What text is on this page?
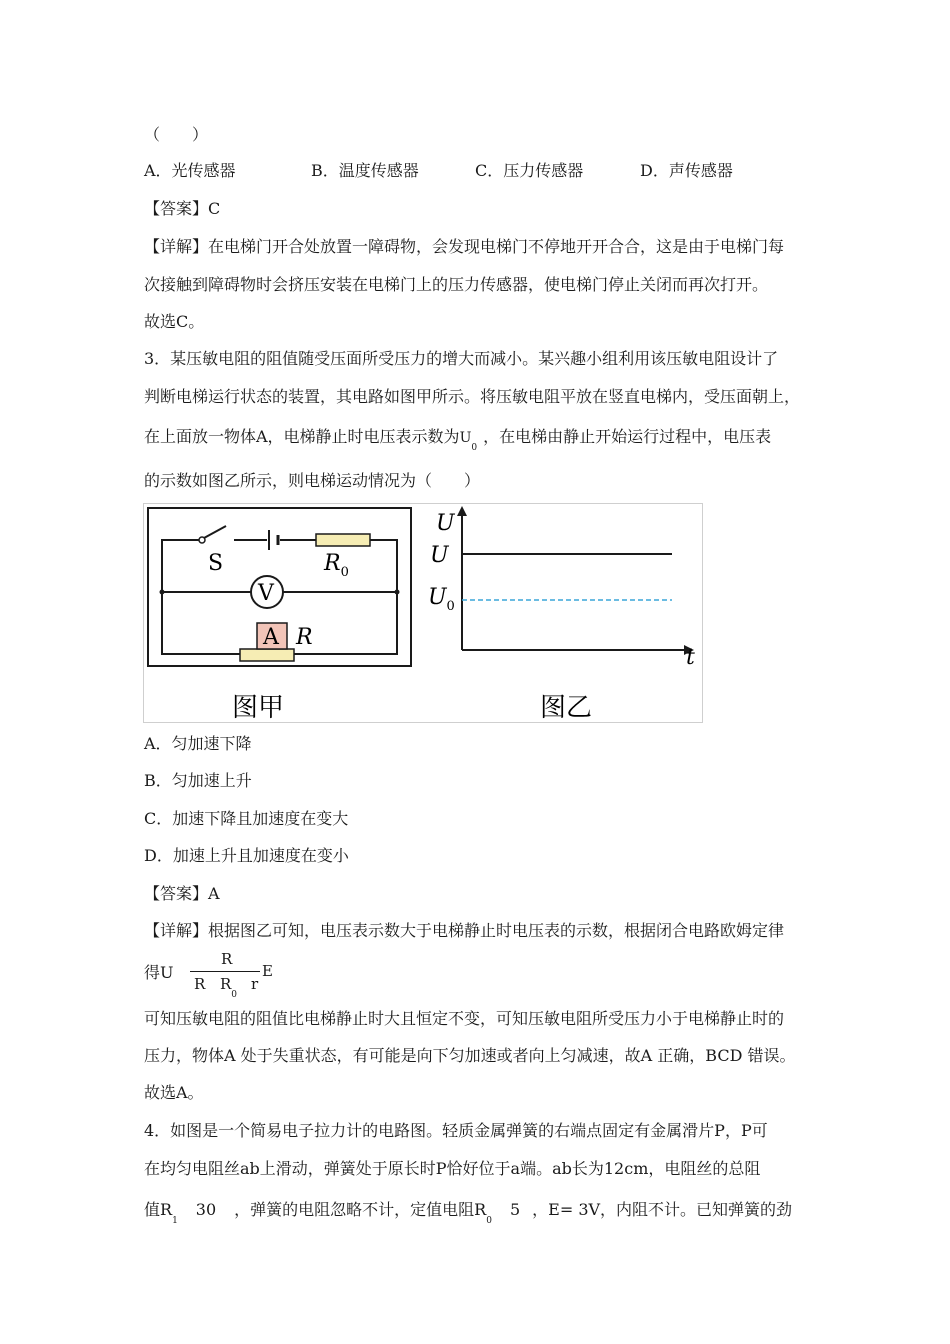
（　　）
A．光传感器	B．温度传感器	C．压力传感器	D．声传感器
【答案】C
【详解】在电梯门开合处放置一障碍物，会发现电梯门不停地开开合合，这是由于电梯门每
次接触到障碍物时会挤压安装在电梯门上的压力传感器，使电梯门停止关闭而再次打开。
故选C。
3．某压敏电阻的阻值随受压面所受压力的增大而减小。某兴趣小组利用该压敏电阻设计了
判断电梯运行状态的装置，其电路如图甲所示。将压敏电阻平放在竖直电梯内，受压面朝上，
在上面放一物体A，电梯静止时电压表示数为$U_0$，在电梯由静止开始运行过程中，电压表
的示数如图乙所示，则电梯运动情况为（　　）
S	$R_0$
V
A R
U
U
$U_0$
t
图甲	图乙
A．匀加速下降
B．匀加速上升
C．加速下降且加速度在变大
D．加速上升且加速度在变小
【答案】A
【详解】根据图乙可知，电压表示数大于电梯静止时电压表的示数，根据闭合电路欧姆定律
得U
R
R $R_0$
r
E
可知压敏电阻的阻值比电梯静止时大且恒定不变，可知压敏电阻所受压力小于电梯静止时的
压力，物体A 处于失重状态，有可能是向下匀加速或者向上匀减速，故A 正确，BCD 错误。
故选A。
4．如图是一个简易电子拉力计的电路图。轻质金属弹簧的右端点固定有金属滑片P，P可
在均匀电阻丝ab上滑动，弹簧处于原长时P恰好位于a端。ab长为12cm，电阻丝的总阻
值$R_130$ ，弹簧的电阻忽略不计，定值电阻$R_05$ ，E= 3V，内阻不计。已知弹簧的劲
